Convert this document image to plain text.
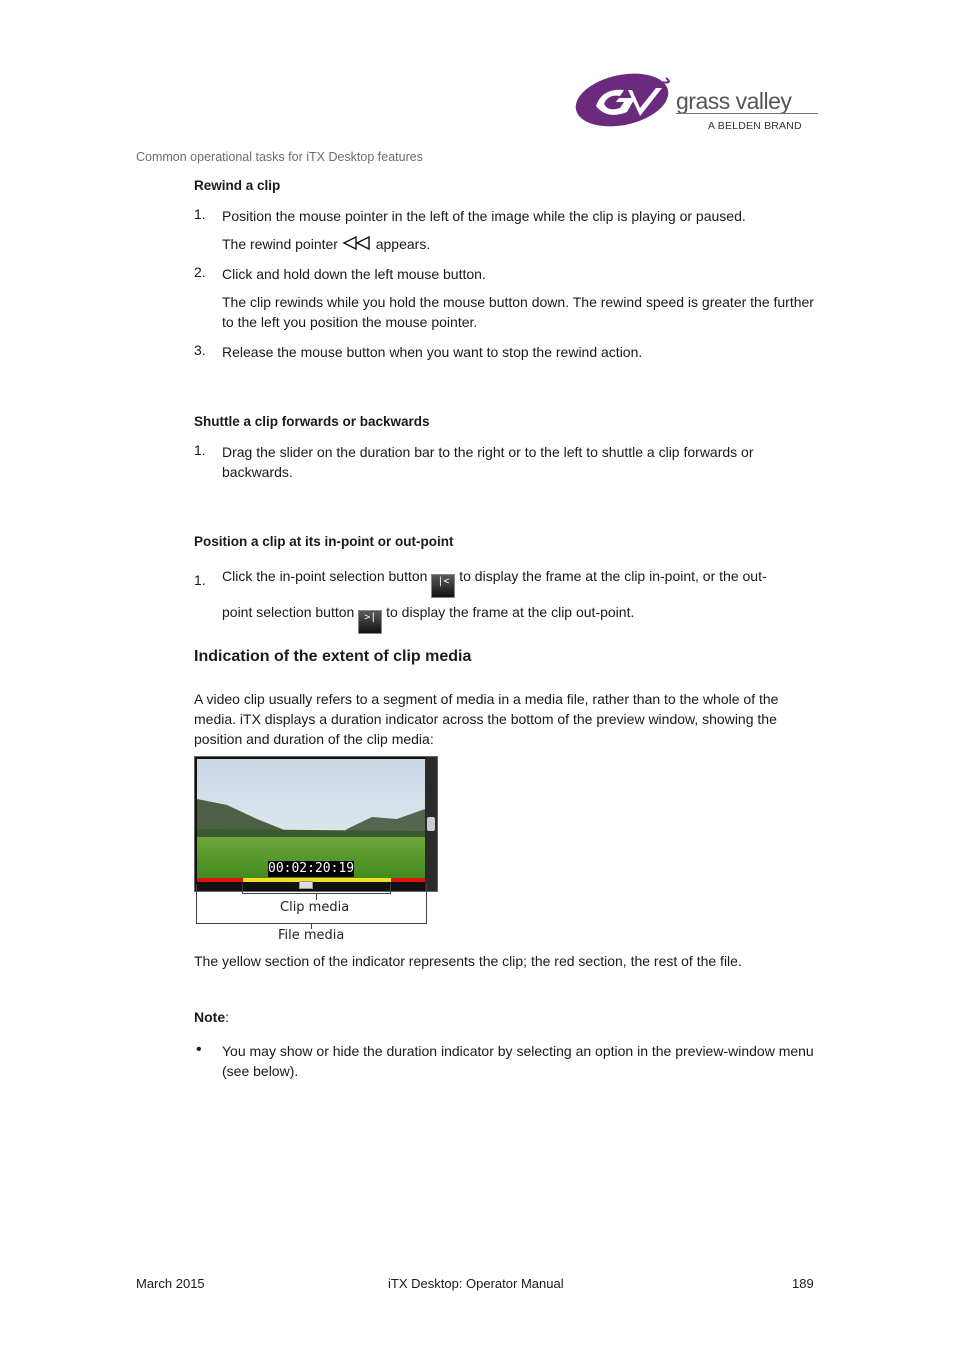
grass valley
A BELDEN BRAND
Common operational tasks for iTX Desktop features
Rewind a clip
1.	Position the mouse pointer in the left of the image while the clip is playing or paused.
The rewind pointer	appears.
2.	Click and hold down the left mouse button.
The clip rewinds while you hold the mouse button down. The rewind speed is greater the further to the left you position the mouse pointer.
3.	Release the mouse button when you want to stop the rewind action.
Shuttle a clip forwards or backwards
1.	Drag the slider on the duration bar to the right or to the left to shuttle a clip forwards or backwards.
Position a clip at its in-point or out-point
1.	Click the in-point selection button |< to display the frame at the clip in-point, or the out-
point selection button >| to display the frame at the clip out-point.
Indication of the extent of clip media
A video clip usually refers to a segment of media in a media file, rather than to the whole of the media. iTX displays a duration indicator across the bottom of the preview window, showing the position and duration of the clip media:
00:02:20:19
Clip media
File media
The yellow section of the indicator represents the clip; the red section, the rest of the file.
Note:
• You may show or hide the duration indicator by selecting an option in the preview-window menu (see below).
March 2015	iTX Desktop: Operator Manual	189
